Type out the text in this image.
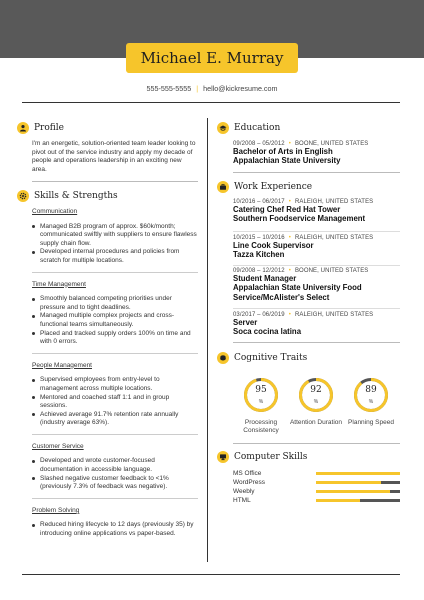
Michael E. Murray
555-555-5555 | hello@kickresume.com
Profile
I'm an energetic, solution-oriented team leader looking to pivot out of the service industry and apply my decade of people and operations leadership in an exciting new area.
Skills & Strengths
Communication
Managed B2B program of approx. $60k/month; communicated swiftly with suppliers to ensure flawless supply chain flow.
Developed internal procedures and policies from scratch for multiple locations.
Time Management
Smoothly balanced competing priorities under pressure and to tight deadlines.
Managed multiple complex projects and cross-functional teams simultaneously.
Placed and tracked supply orders 100% on time and with 0 errors.
People Management
Supervised employees from entry-level to management across multiple locations.
Mentored and coached staff 1:1 and in group sessions.
Achieved average 91.7% retention rate annually (industry average 63%).
Customer Service
Developed and wrote customer-focused documentation in accessible language.
Slashed negative customer feedback to <1% (previously 7.3% of feedback was negative).
Problem Solving
Reduced hiring lifecycle to 12 days (previously 35) by introducing online applications vs paper-based.
Education
09/2008 – 05/2012 • BOONE, UNITED STATES
Bachelor of Arts in English
Appalachian State University
Work Experience
10/2016 – 06/2017 • RALEIGH, UNITED STATES
Catering Chef Red Hat Tower
Southern Foodservice Management
10/2015 – 10/2016 • RALEIGH, UNITED STATES
Line Cook Supervisor
Tazza Kitchen
09/2008 – 12/2012 • BOONE, UNITED STATES
Student Manager
Appalachian State University Food Service/McAlister's Select
03/2017 – 06/2019 • RALEIGH, UNITED STATES
Server
Soca cocina latina
Cognitive Traits
95
%
Processing Consistency
92
%
Attention Duration
89
%
Planning Speed
Computer Skills
MS Office
WordPress
Weebly
HTML
